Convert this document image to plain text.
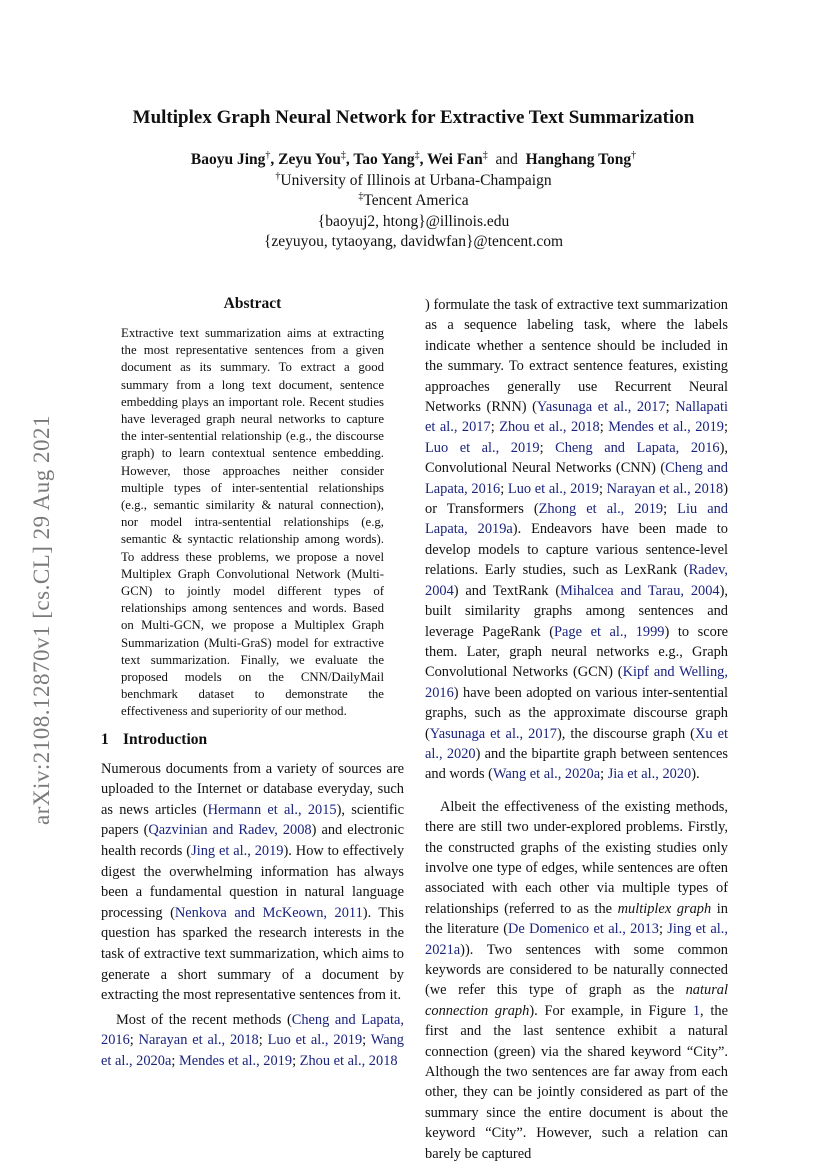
arXiv:2108.12870v1 [cs.CL] 29 Aug 2021
Multiplex Graph Neural Network for Extractive Text Summarization
Baoyu Jing†, Zeyu You‡, Tao Yang‡, Wei Fan‡  and  Hanghang Tong†
†University of Illinois at Urbana-Champaign
‡Tencent America
{baoyuj2, htong}@illinois.edu
{zeyuyou, tytaoyang, davidwfan}@tencent.com
Abstract
Extractive text summarization aims at extracting the most representative sentences from a given document as its summary. To extract a good summary from a long text document, sentence embedding plays an important role. Recent studies have leveraged graph neural networks to capture the inter-sentential relationship (e.g., the discourse graph) to learn contextual sentence embedding. However, those approaches neither consider multiple types of inter-sentential relationships (e.g., semantic similarity & natural connection), nor model intra-sentential relationships (e.g, semantic & syntactic relationship among words). To address these problems, we propose a novel Multiplex Graph Convolutional Network (Multi-GCN) to jointly model different types of relationships among sentences and words. Based on Multi-GCN, we propose a Multiplex Graph Summarization (Multi-GraS) model for extractive text summarization. Finally, we evaluate the proposed models on the CNN/DailyMail benchmark dataset to demonstrate the effectiveness and superiority of our method.
1 Introduction

Numerous documents from a variety of sources are uploaded to the Internet or database everyday, such as news articles (Hermann et al., 2015), scientific papers (Qazvinian and Radev, 2008) and electronic health records (Jing et al., 2019). How to effectively digest the overwhelming information has always been a fundamental question in natural language processing (Nenkova and McKeown, 2011). This question has sparked the research interests in the task of extractive text summarization, which aims to generate a short summary of a document by extracting the most representative sentences from it.

Most of the recent methods (Cheng and Lapata, 2016; Narayan et al., 2018; Luo et al., 2019; Wang et al., 2020a; Mendes et al., 2019; Zhou et al., 2018

) formulate the task of extractive text summarization as a sequence labeling task, where the labels indicate whether a sentence should be included in the summary. To extract sentence features, existing approaches generally use Recurrent Neural Networks (RNN) (Yasunaga et al., 2017; Nallapati et al., 2017; Zhou et al., 2018; Mendes et al., 2019; Luo et al., 2019; Cheng and Lapata, 2016), Convolutional Neural Networks (CNN) (Cheng and Lapata, 2016; Luo et al., 2019; Narayan et al., 2018) or Transformers (Zhong et al., 2019; Liu and Lapata, 2019a). Endeavors have been made to develop models to capture various sentence-level relations. Early studies, such as LexRank (Radev, 2004) and TextRank (Mihalcea and Tarau, 2004), built similarity graphs among sentences and leverage PageRank (Page et al., 1999) to score them. Later, graph neural networks e.g., Graph Convolutional Networks (GCN) (Kipf and Welling, 2016) have been adopted on various inter-sentential graphs, such as the approximate discourse graph (Yasunaga et al., 2017), the discourse graph (Xu et al., 2020) and the bipartite graph between sentences and words (Wang et al., 2020a; Jia et al., 2020).

Albeit the effectiveness of the existing methods, there are still two under-explored problems. Firstly, the constructed graphs of the existing studies only involve one type of edges, while sentences are often associated with each other via multiple types of relationships (referred to as the multiplex graph in the literature (De Domenico et al., 2013; Jing et al., 2021a)). Two sentences with some common keywords are considered to be naturally connected (we refer this type of graph as the natural connection graph). For example, in Figure 1, the first and the last sentence exhibit a natural connection (green) via the shared keyword “City”. Although the two sentences are far away from each other, they can be jointly considered as part of the summary since the entire document is about the keyword “City”. However, such a relation can barely be captured
